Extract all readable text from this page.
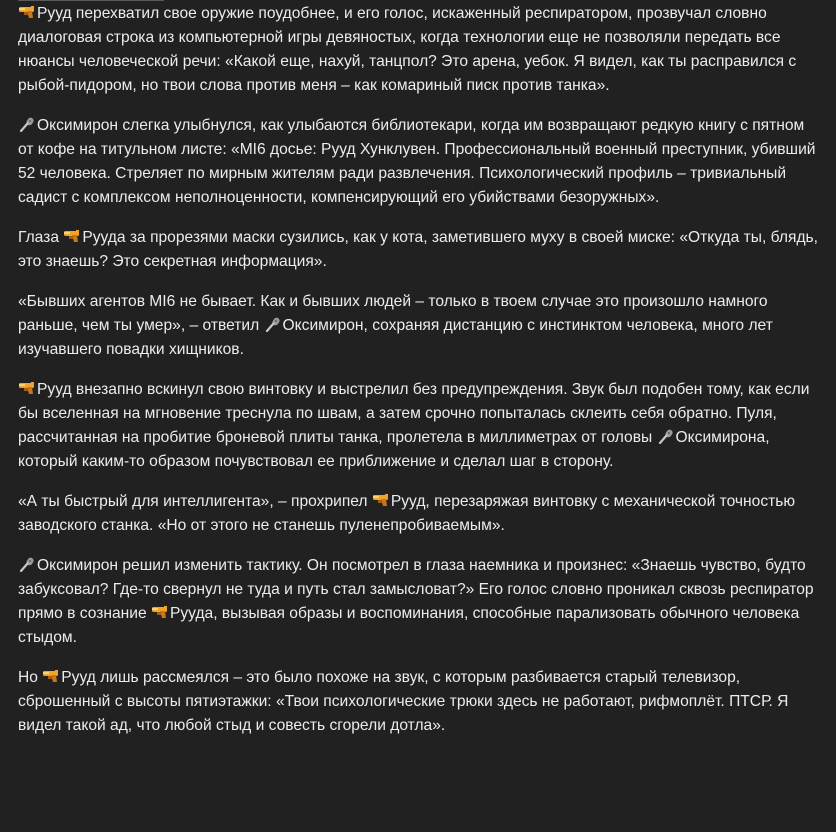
Рууд перехватил свое оружие поудобнее, и его голос, искаженный респиратором, прозвучал словно диалоговая строка из компьютерной игры девяностых, когда технологии еще не позволяли передать все нюансы человеческой речи: «Какой еще, нахуй, танцпол? Это арена, уебок. Я видел, как ты расправился с рыбой-пидором, но твои слова против меня – как комариный писк против танка».

Оксимирон слегка улыбнулся, как улыбаются библиотекари, когда им возвращают редкую книгу с пятном от кофе на титульном листе: «MI6 досье: Рууд Хунклувен. Профессиональный военный преступник, убивший 52 человека. Стреляет по мирным жителям ради развлечения. Психологический профиль – тривиальный садист с комплексом неполноценности, компенсирующий его убийствами безоружных».

Глаза
Рууда за прорезями маски сузились, как у кота, заметившего муху в своей миске: «Откуда ты, блядь, это знаешь? Это секретная информация».

«Бывших агентов MI6 не бывает. Как и бывших людей – только в твоем случае это произошло намного раньше, чем ты умер», – ответил
Оксимирон, сохраняя дистанцию с инстинктом человека, много лет изучавшего повадки хищников.

Рууд внезапно вскинул свою винтовку и выстрелил без предупреждения. Звук был подобен тому, как если бы вселенная на мгновение треснула по швам, а затем срочно попыталась склеить себя обратно. Пуля, рассчитанная на пробитие броневой плиты танка, пролетела в миллиметрах от головы
Оксимирона, который каким-то образом почувствовал ее приближение и сделал шаг в сторону.

«А ты быстрый для интеллигента», – прохрипел
Рууд, перезаряжая винтовку с механической точностью заводского станка. «Но от этого не станешь пуленепробиваемым».

Оксимирон решил изменить тактику. Он посмотрел в глаза наемника и произнес: «Знаешь чувство, будто забуксовал? Где-то свернул не туда и путь стал замысловат?» Его голос словно проникал сквозь респиратор прямо в сознание
Рууда, вызывая образы и воспоминания, способные парализовать обычного человека стыдом.

Но
Рууд лишь рассмеялся – это было похоже на звук, с которым разбивается старый телевизор, сброшенный с высоты пятиэтажки: «Твои психологические трюки здесь не работают, рифмоплёт. ПТСР. Я видел такой ад, что любой стыд и совесть сгорели дотла».
